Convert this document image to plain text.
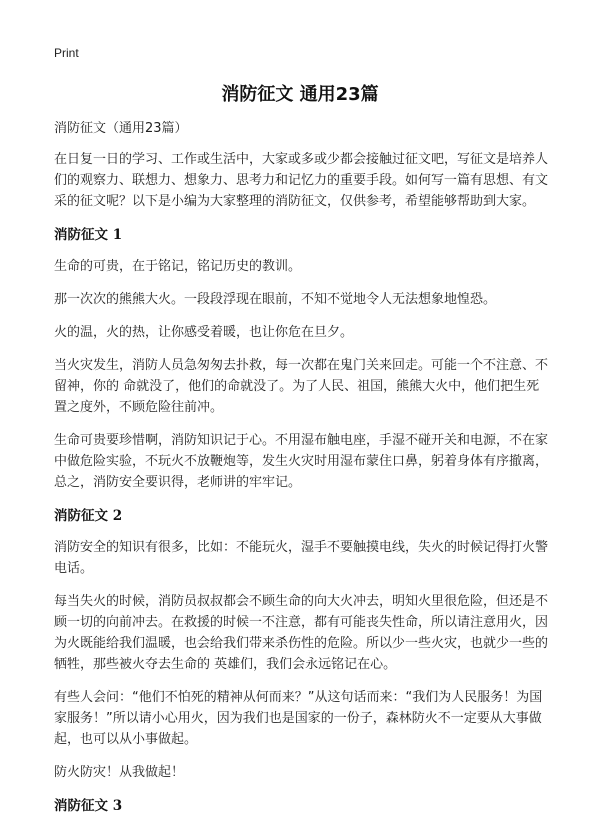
Print
消防征文 通用23篇

消防征文（通用23篇）

在日复一日的学习、工作或生活中，大家或多或少都会接触过征文吧，写征文是培养人们的观察力、联想力、想象力、思考力和记忆力的重要手段。如何写一篇有思想、有文采的征文呢？以下是小编为大家整理的消防征文，仅供参考，希望能够帮助到大家。

消防征文 1

生命的可贵，在于铭记，铭记历史的教训。

那一次次的熊熊大火。一段段浮现在眼前，不知不觉地令人无法想象地惶恐。

火的温，火的热，让你感受着暖，也让你危在旦夕。

当火灾发生，消防人员急匆匆去扑救，每一次都在鬼门关来回走。可能一个不注意、不留神，你的 命就没了，他们的命就没了。为了人民、祖国，熊熊大火中，他们把生死置之度外，不顾危险往前冲。

生命可贵要珍惜啊，消防知识记于心。不用湿布触电座，手湿不碰开关和电源，不在家中做危险实验，不玩火不放鞭炮等，发生火灾时用湿布蒙住口鼻，躬着身体有序撤离，总之，消防安全要识得，老师讲的牢牢记。

消防征文 2

消防安全的知识有很多，比如：不能玩火，湿手不要触摸电线，失火的时候记得打火警电话。

每当失火的时候，消防员叔叔都会不顾生命的向大火冲去，明知火里很危险，但还是不顾一切的向前冲去。在救援的时候一不注意，都有可能丧失性命，所以请注意用火，因为火既能给我们温暖，也会给我们带来杀伤性的危险。所以少一些火灾，也就少一些的牺牲，那些被火夺去生命的 英雄们，我们会永远铭记在心。

有些人会问：“他们不怕死的精神从何而来？”从这句话而来：“我们为人民服务！为国家服务！”所以请小心用火，因为我们也是国家的一份子，森林防火不一定要从大事做起，也可以从小事做起。

防火防灾！从我做起！

消防征文 3
